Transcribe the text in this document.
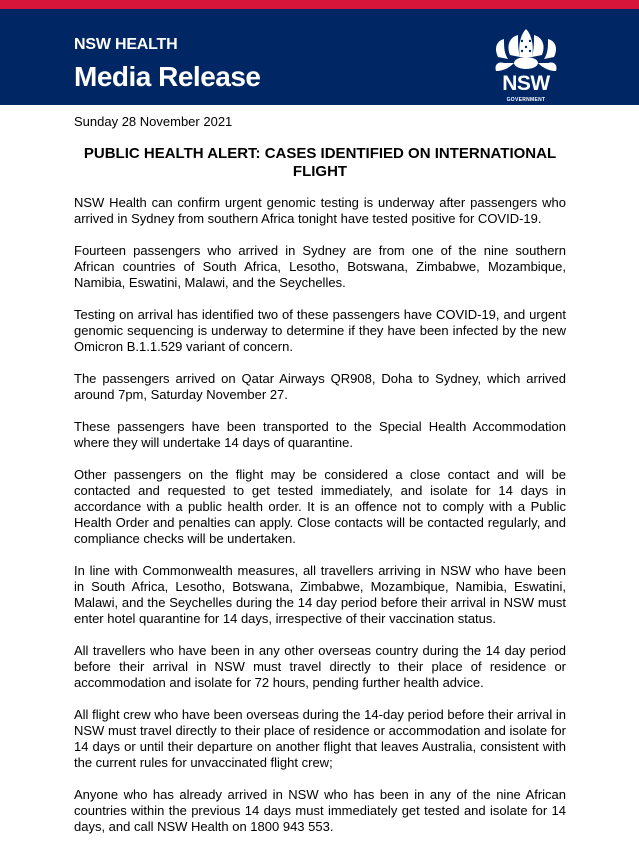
NSW HEALTH
Media Release	NSW
GOVERNMENT
Sunday 28 November 2021
PUBLIC HEALTH ALERT: CASES IDENTIFIED ON INTERNATIONAL FLIGHT

NSW Health can confirm urgent genomic testing is underway after passengers who arrived in Sydney from southern Africa tonight have tested positive for COVID-19.

Fourteen passengers who arrived in Sydney are from one of the nine southern African countries of South Africa, Lesotho, Botswana, Zimbabwe, Mozambique, Namibia, Eswatini, Malawi, and the Seychelles.

Testing on arrival has identified two of these passengers have COVID-19, and urgent genomic sequencing is underway to determine if they have been infected by the new Omicron B.1.1.529 variant of concern.

The passengers arrived on Qatar Airways QR908, Doha to Sydney, which arrived around 7pm, Saturday November 27.

These passengers have been transported to the Special Health Accommodation where they will undertake 14 days of quarantine.

Other passengers on the flight may be considered a close contact and will be contacted and requested to get tested immediately, and isolate for 14 days in accordance with a public health order. It is an offence not to comply with a Public Health Order and penalties can apply. Close contacts will be contacted regularly, and compliance checks will be undertaken.

In line with Commonwealth measures, all travellers arriving in NSW who have been in South Africa, Lesotho, Botswana, Zimbabwe, Mozambique, Namibia, Eswatini, Malawi, and the Seychelles during the 14 day period before their arrival in NSW must enter hotel quarantine for 14 days, irrespective of their vaccination status.

All travellers who have been in any other overseas country during the 14 day period before their arrival in NSW must travel directly to their place of residence or accommodation and isolate for 72 hours, pending further health advice.

All flight crew who have been overseas during the 14-day period before their arrival in NSW must travel directly to their place of residence or accommodation and isolate for 14 days or until their departure on another flight that leaves Australia, consistent with the current rules for unvaccinated flight crew;

Anyone who has already arrived in NSW who has been in any of the nine African countries within the previous 14 days must immediately get tested and isolate for 14 days, and call NSW Health on 1800 943 553.
